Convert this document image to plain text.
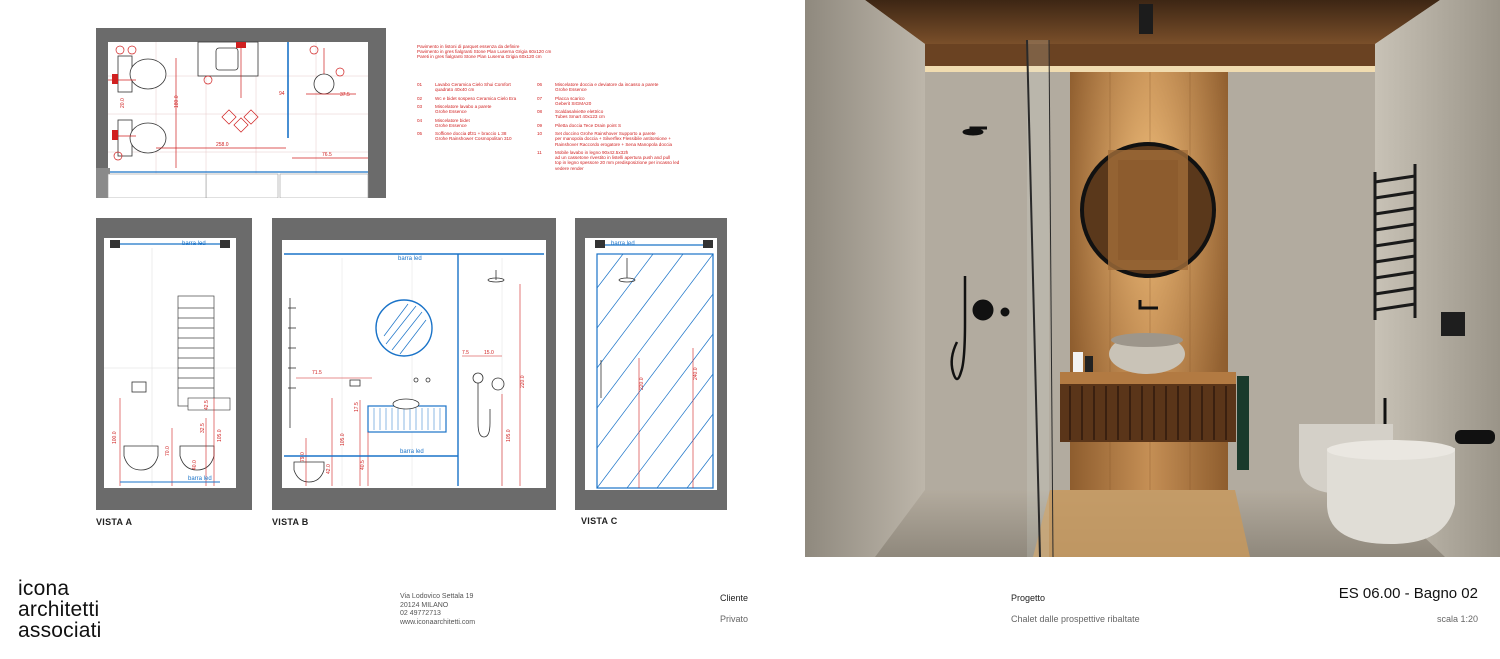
180.0
94	37.5
258.0
76.5
20.0
Pavimento in listoni di parquet essenza da definire
Pavimento in gres fialgranti Stone Plan Luserna Grigia 60x120 cm
Pareti in gres fialgranti Stone Plan Luserna Grigia 60x120 cm
01	Lavabo Ceramica Cielo Shui Comfort
quadrato 40x40 cm
02	Wc e bidet sospeso Ceramica Cielo Era
03	Miscelatore lavabo a parete
Grohe Essence
04	Miscelatore bidet
Grohe Essence
05	Soffione doccia Ø31 + braccio L 38
Grohe Rainshower Cosmopolitan 310
06	Miscelatore doccia e deviatore da incasso a parete
Grohe Essence
07	Placca scarico
Geberit SIGMA20
08	Scaldasalviette elettrico
Tubes Smart 40x123 cm
09	Piletta doccia Tece Drain point S
10	Set doccino Grohe Rainshover Supporto a parete
per manopola doccia + Silverflex Flessibile antitorsione +
Rainshover Raccordo erogatore + Sena Manopola doccia
11	Mobile lavabo in legno 90x42.5x32h
ad un cassetone rivestito in listelli apertura push and pull
top in legno spessore 20 mm predisposizione per incasso led
vedere render
barra led
100.0
70.0
105.0
32.5
42.5
40.0
barra led
VISTA A
barra led
71.5
7.5	15.0
220.0
17.5
105.0
40.5
42.0
79.0
105.0
barra led
VISTA B
barra led
220.0
240.0
VISTA C
icona
architetti
associati
Via Lodovico Settala 19
20124 MILANO
02 49772713
www.iconaarchitetti.com
Cliente
Privato
Progetto
Chalet dalle prospettive ribaltate
ES 06.00 - Bagno 02
scala 1:20
